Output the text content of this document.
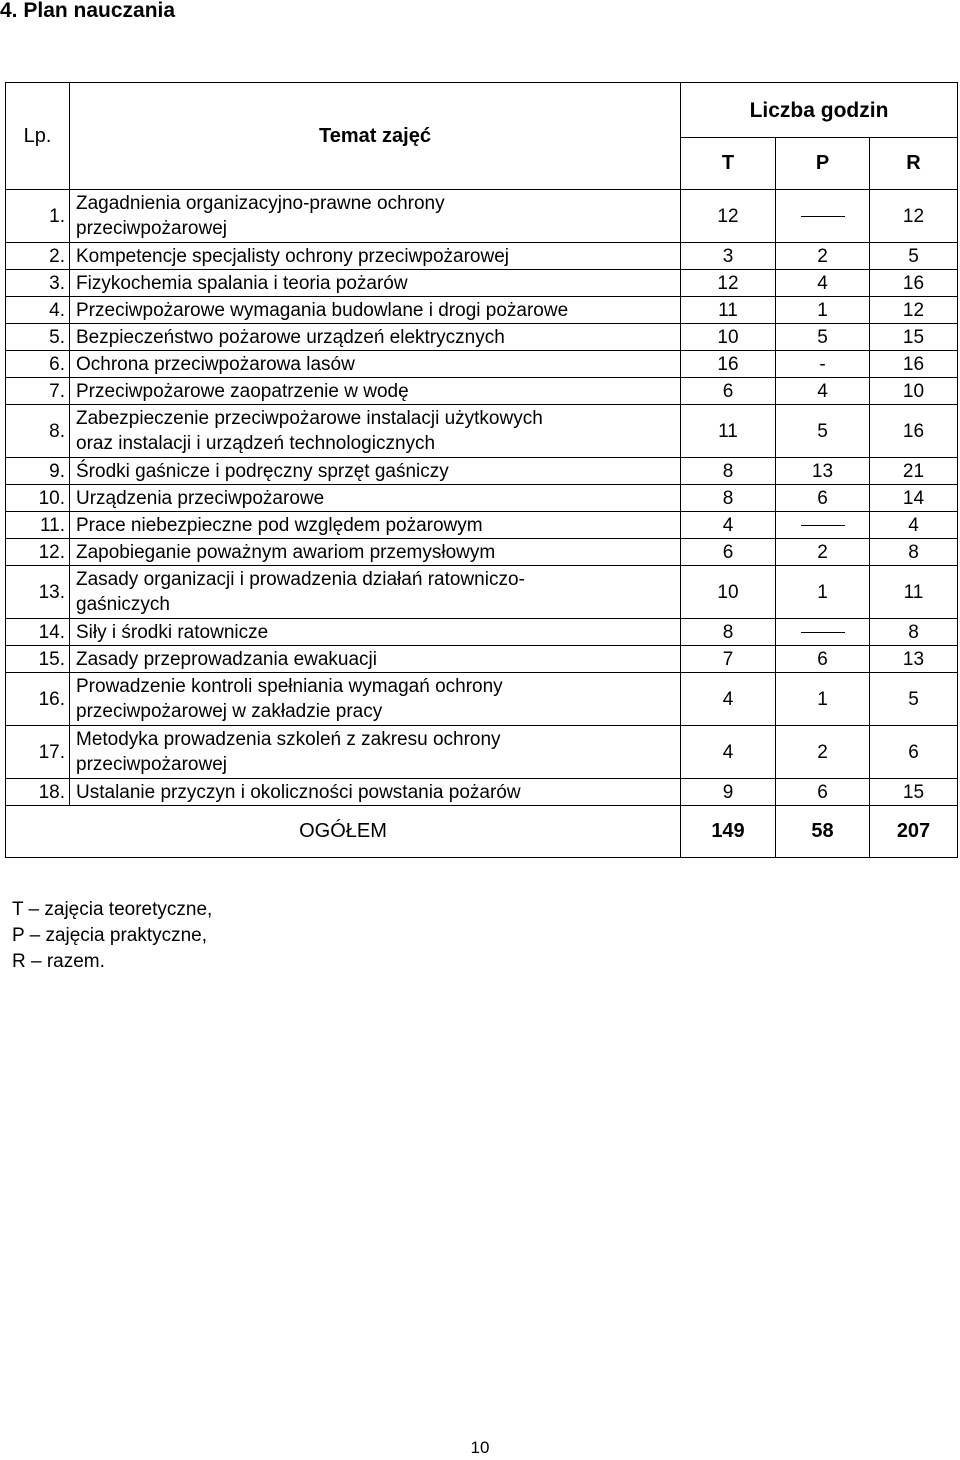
4. Plan nauczania
Lp.	Temat zajęć	Liczba godzin		
		T	P	R
1.	Zagadnienia organizacyjno-prawne ochrony
przeciwpożarowej	12		12
2.	Kompetencje specjalisty ochrony przeciwpożarowej	3	2	5
3.	Fizykochemia spalania i teoria pożarów	12	4	16
4.	Przeciwpożarowe wymagania budowlane i drogi pożarowe	11	1	12
5.	Bezpieczeństwo pożarowe urządzeń elektrycznych	10	5	15
6.	Ochrona przeciwpożarowa lasów	16	-	16
7.	Przeciwpożarowe zaopatrzenie w wodę	6	4	10
8.	Zabezpieczenie przeciwpożarowe instalacji użytkowych
oraz instalacji i urządzeń technologicznych	11	5	16
9.	Środki gaśnicze i podręczny sprzęt gaśniczy	8	13	21
10.	Urządzenia przeciwpożarowe	8	6	14
11.	Prace niebezpieczne pod względem pożarowym	4		4
12.	Zapobieganie poważnym awariom przemysłowym	6	2	8
13.	Zasady organizacji i prowadzenia działań ratowniczo-
gaśniczych	10	1	11
14.	Siły i środki ratownicze	8		8
15.	Zasady przeprowadzania ewakuacji	7	6	13
16.	Prowadzenie kontroli spełniania wymagań ochrony
przeciwpożarowej w zakładzie pracy	4	1	5
17.	Metodyka prowadzenia szkoleń z zakresu ochrony
przeciwpożarowej	4	2	6
18.	Ustalanie przyczyn i okoliczności powstania pożarów	9	6	15
OGÓŁEM		149	58	207
T – zajęcia teoretyczne,
P – zajęcia praktyczne,
R – razem.
10
